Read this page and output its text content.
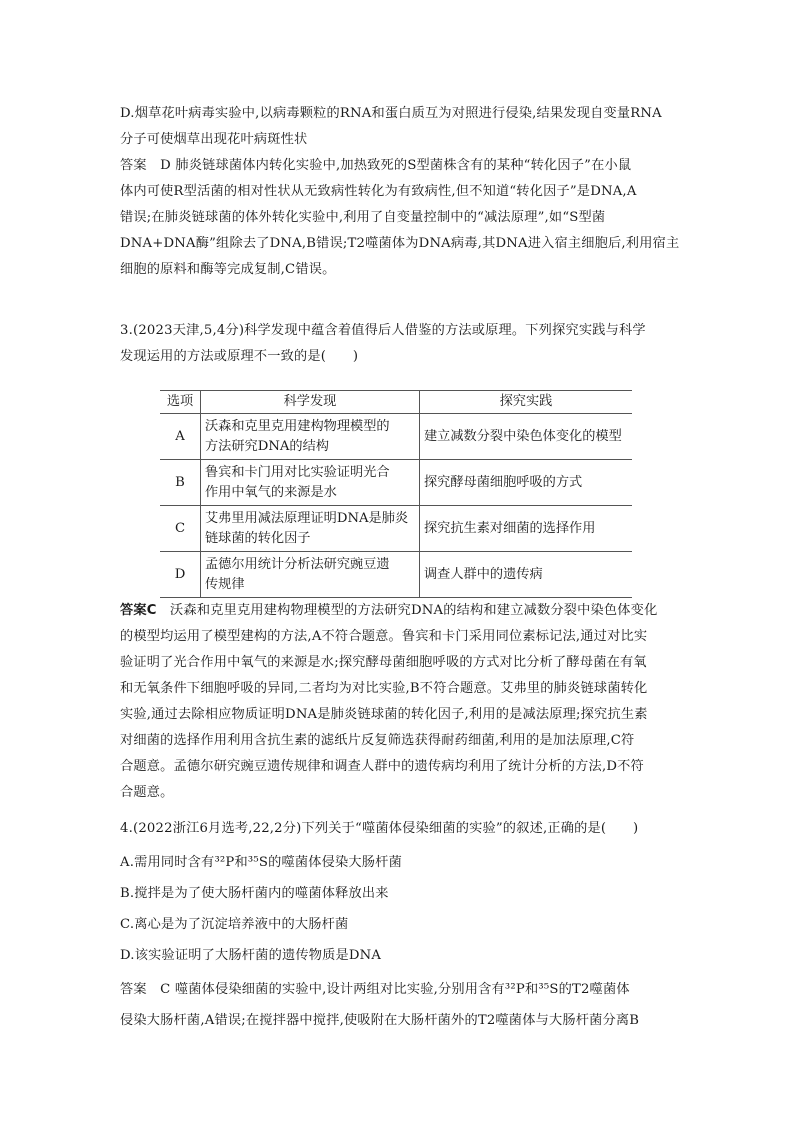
D.烟草花叶病毒实验中,以病毒颗粒的RNA和蛋白质互为对照进行侵染,结果发现自变量RNA
分子可使烟草出现花叶病斑性状
答案　 D 肺炎链球菌体内转化实验中,加热致死的S型菌株含有的某种“转化因子”在小鼠
体内可使R型活菌的相对性状从无致病性转化为有致病性,但不知道“转化因子”是DNA,A
错误;在肺炎链球菌的体外转化实验中,利用了自变量控制中的“减法原理”,如“S型菌
DNA+DNA酶”组除去了DNA,B错误;T2噬菌体为DNA病毒,其DNA进入宿主细胞后,利用宿主
细胞的原料和酶等完成复制,C错误。
3.(2023天津,5,4分)科学发现中蕴含着值得后人借鉴的方法或原理。下列探究实践与科学
发现运用的方法或原理不一致的是(　　)
选项	科学发现	探究实践
A	沃森和克里克用建构物理模型的
方法研究DNA的结构	建立减数分裂中染色体变化的模型
B	鲁宾和卡门用对比实验证明光合
作用中氧气的来源是水	探究酵母菌细胞呼吸的方式
C	艾弗里用减法原理证明DNA是肺炎
链球菌的转化因子	探究抗生素对细菌的选择作用
D	孟德尔用统计分析法研究豌豆遗
传规律	调查人群中的遗传病
答案C　 沃森和克里克用建构物理模型的方法研究DNA的结构和建立减数分裂中染色体变化
的模型均运用了模型建构的方法,A不符合题意。鲁宾和卡门采用同位素标记法,通过对比实
验证明了光合作用中氧气的来源是水;探究酵母菌细胞呼吸的方式对比分析了酵母菌在有氧
和无氧条件下细胞呼吸的异同,二者均为对比实验,B不符合题意。艾弗里的肺炎链球菌转化
实验,通过去除相应物质证明DNA是肺炎链球菌的转化因子,利用的是减法原理;探究抗生素
对细菌的选择作用利用含抗生素的滤纸片反复筛选获得耐药细菌,利用的是加法原理,C符
合题意。孟德尔研究豌豆遗传规律和调查人群中的遗传病均利用了统计分析的方法,D不符
合题意。
4.(2022浙江6月选考,22,2分)下列关于“噬菌体侵染细菌的实验”的叙述,正确的是(　　)
A.需用同时含有³²P和³⁵S的噬菌体侵染大肠杆菌
B.搅拌是为了使大肠杆菌内的噬菌体释放出来
C.离心是为了沉淀培养液中的大肠杆菌
D.该实验证明了大肠杆菌的遗传物质是DNA
答案　 C 噬菌体侵染细菌的实验中,设计两组对比实验,分别用含有³²P和³⁵S的T2噬菌体
侵染大肠杆菌,A错误;在搅拌器中搅拌,使吸附在大肠杆菌外的T2噬菌体与大肠杆菌分离B
